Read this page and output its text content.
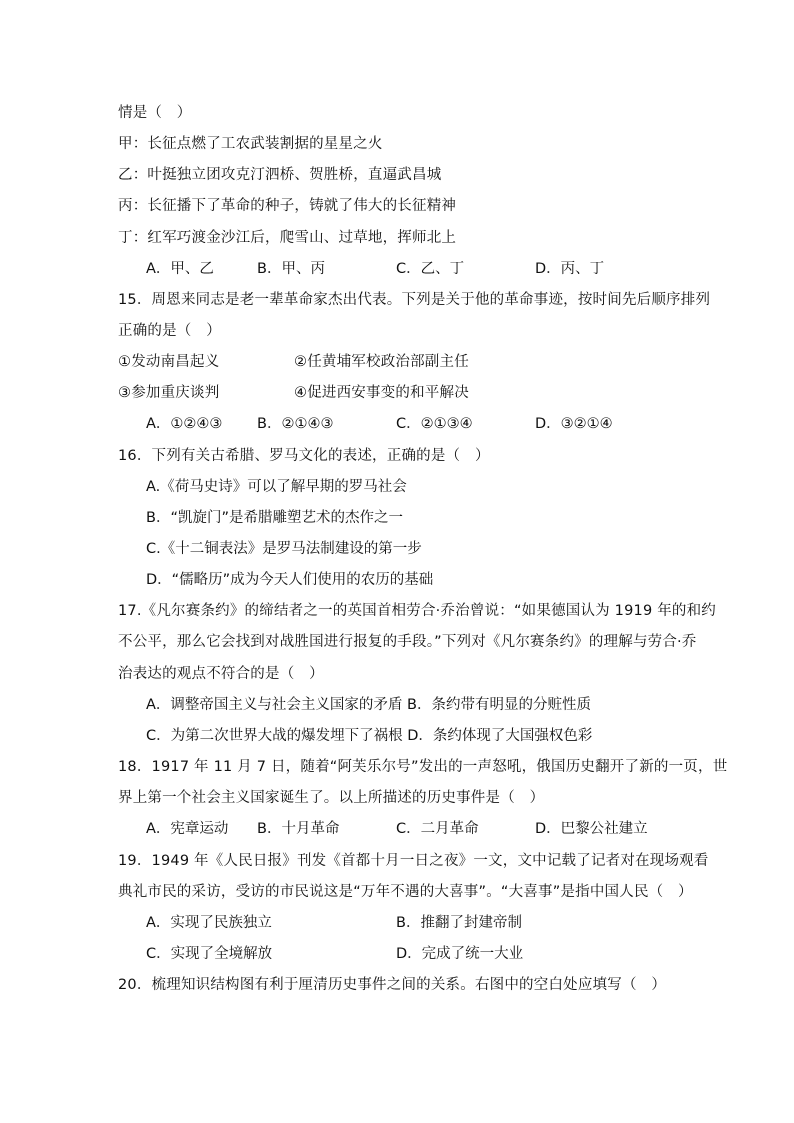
情是（　）
甲：长征点燃了工农武装割据的星星之火
乙：叶挺独立团攻克汀泗桥、贺胜桥，直逼武昌城
丙：长征播下了革命的种子，铸就了伟大的长征精神
丁：红军巧渡金沙江后，爬雪山、过草地，挥师北上
A．甲、乙	B．甲、丙	C．乙、丁	D．丙、丁
15．周恩来同志是老一辈革命家杰出代表。下列是关于他的革命事迹，按时间先后顺序排列
正确的是（　）
①发动南昌起义	②任黄埔军校政治部副主任
③参加重庆谈判	④促进西安事变的和平解决
A．①②④③ B．②①④③	C．②①③④	D．③②①④
16．下列有关古希腊、罗马文化的表述，正确的是（　）
A.《荷马史诗》可以了解早期的罗马社会
B．“凯旋门”是希腊雕塑艺术的杰作之一
C.《十二铜表法》是罗马法制建设的第一步
D．“儒略历”成为今天人们使用的农历的基础
17.《凡尔赛条约》的缔结者之一的英国首相劳合·乔治曾说：“如果德国认为 1919 年的和约
不公平，那么它会找到对战胜国进行报复的手段。”下列对《凡尔赛条约》的理解与劳合·乔
治表达的观点不符合的是（　）
A．调整帝国主义与社会主义国家的矛盾 B．条约带有明显的分赃性质
C．为第二次世界大战的爆发埋下了祸根 D．条约体现了大国强权色彩
18．1917 年 11 月 7 日，随着“阿芙乐尔号”发出的一声怒吼，俄国历史翻开了新的一页，世
界上第一个社会主义国家诞生了。以上所描述的历史事件是（　）
A．宪章运动 B．十月革命	C．二月革命	D．巴黎公社建立
19．1949 年《人民日报》刊发《首都十月一日之夜》一文，文中记载了记者对在现场观看
典礼市民的采访，受访的市民说这是“万年不遇的大喜事”。“大喜事”是指中国人民（　）
A．实现了民族独立	B．推翻了封建帝制
C．实现了全境解放	D．完成了统一大业
20．梳理知识结构图有利于厘清历史事件之间的关系。右图中的空白处应填写（　）
